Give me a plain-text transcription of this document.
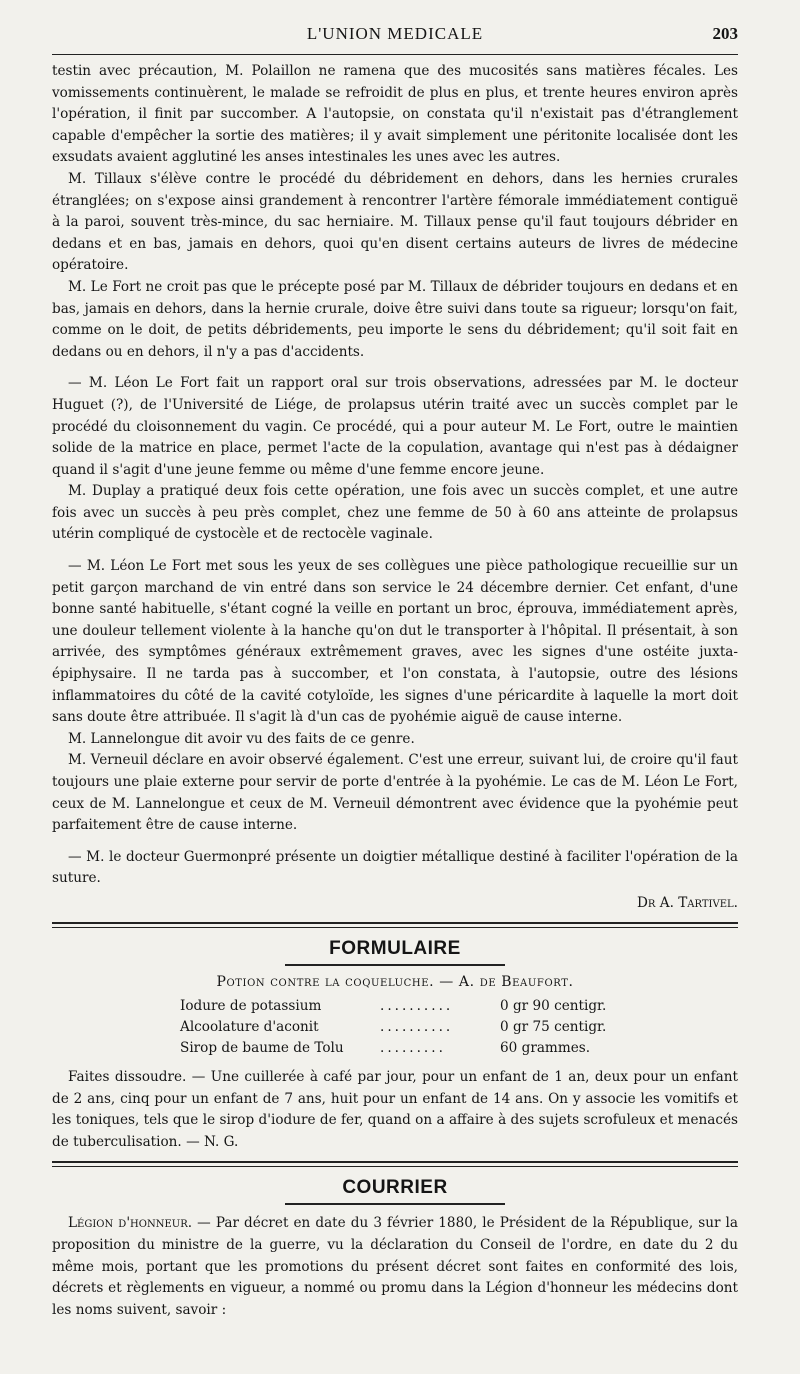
L'UNION MEDICALE	203

testin avec précaution, M. Polaillon ne ramena que des mucosités sans matières fécales. Les vomissements continuèrent, le malade se refroidit de plus en plus, et trente heures environ après l'opération, il finit par succomber. A l'autopsie, on constata qu'il n'existait pas d'étranglement capable d'empêcher la sortie des matières; il y avait simplement une péritonite localisée dont les exsudats avaient agglutiné les anses intestinales les unes avec les autres.

M. Tillaux s'élève contre le procédé du débridement en dehors, dans les hernies crurales étranglées; on s'expose ainsi grandement à rencontrer l'artère fémorale immédiatement contiguë à la paroi, souvent très-mince, du sac herniaire. M. Tillaux pense qu'il faut toujours débrider en dedans et en bas, jamais en dehors, quoi qu'en disent certains auteurs de livres de médecine opératoire.

M. Le Fort ne croit pas que le précepte posé par M. Tillaux de débrider toujours en dedans et en bas, jamais en dehors, dans la hernie crurale, doive être suivi dans toute sa rigueur; lorsqu'on fait, comme on le doit, de petits débridements, peu importe le sens du débridement; qu'il soit fait en dedans ou en dehors, il n'y a pas d'accidents.

— M. Léon Le Fort fait un rapport oral sur trois observations, adressées par M. le docteur Huguet (?), de l'Université de Liége, de prolapsus utérin traité avec un succès complet par le procédé du cloisonnement du vagin. Ce procédé, qui a pour auteur M. Le Fort, outre le maintien solide de la matrice en place, permet l'acte de la copulation, avantage qui n'est pas à dédaigner quand il s'agit d'une jeune femme ou même d'une femme encore jeune.

M. Duplay a pratiqué deux fois cette opération, une fois avec un succès complet, et une autre fois avec un succès à peu près complet, chez une femme de 50 à 60 ans atteinte de prolapsus utérin compliqué de cystocèle et de rectocèle vaginale.

— M. Léon Le Fort met sous les yeux de ses collègues une pièce pathologique recueillie sur un petit garçon marchand de vin entré dans son service le 24 décembre dernier. Cet enfant, d'une bonne santé habituelle, s'étant cogné la veille en portant un broc, éprouva, immédiatement après, une douleur tellement violente à la hanche qu'on dut le transporter à l'hôpital. Il présentait, à son arrivée, des symptômes généraux extrêmement graves, avec les signes d'une ostéite juxta-épiphysaire. Il ne tarda pas à succomber, et l'on constata, à l'autopsie, outre des lésions inflammatoires du côté de la cavité cotyloïde, les signes d'une péricardite à laquelle la mort doit sans doute être attribuée. Il s'agit là d'un cas de pyohémie aiguë de cause interne.

M. Lannelongue dit avoir vu des faits de ce genre.

M. Verneuil déclare en avoir observé également. C'est une erreur, suivant lui, de croire qu'il faut toujours une plaie externe pour servir de porte d'entrée à la pyohémie. Le cas de M. Léon Le Fort, ceux de M. Lannelongue et ceux de M. Verneuil démontrent avec évidence que la pyohémie peut parfaitement être de cause interne.

— M. le docteur Guermonpré présente un doigtier métallique destiné à faciliter l'opération de la suture.

Dr A. Tartivel.
FORMULAIRE
Potion contre la coqueluche. — A. de Beaufort.
Iodure de potassium	..........	0 gr 90 centigr.
Alcoolature d'aconit	..........	0 gr 75 centigr.
Sirop de baume de Tolu	.........	60 grammes.

Faites dissoudre. — Une cuillerée à café par jour, pour un enfant de 1 an, deux pour un enfant de 2 ans, cinq pour un enfant de 7 ans, huit pour un enfant de 14 ans. On y associe les vomitifs et les toniques, tels que le sirop d'iodure de fer, quand on a affaire à des sujets scrofuleux et menacés de tuberculisation. — N. G.

COURRIER

Légion d'honneur. — Par décret en date du 3 février 1880, le Président de la République, sur la proposition du ministre de la guerre, vu la déclaration du Conseil de l'ordre, en date du 2 du même mois, portant que les promotions du présent décret sont faites en conformité des lois, décrets et règlements en vigueur, a nommé ou promu dans la Légion d'honneur les médecins dont les noms suivent, savoir :
